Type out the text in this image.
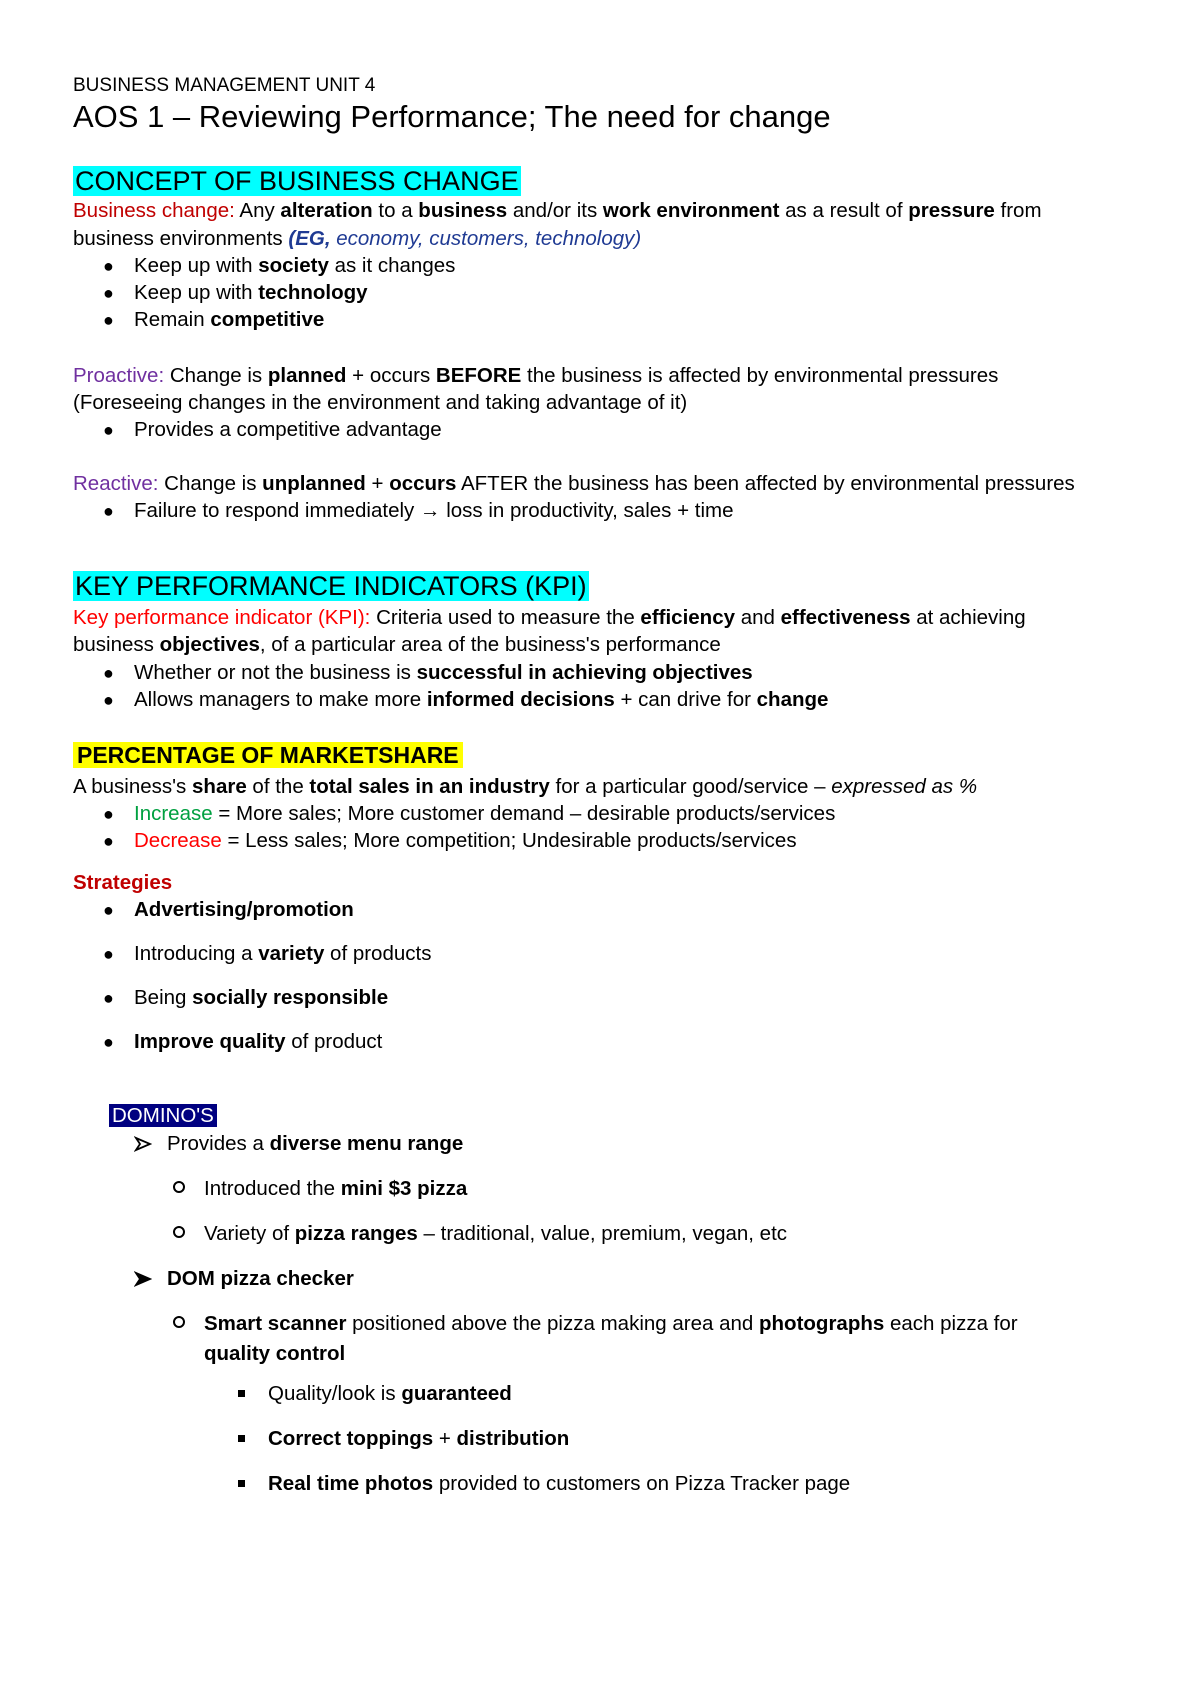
BUSINESS MANAGEMENT UNIT 4
AOS 1 – Reviewing Performance; The need for change
CONCEPT OF BUSINESS CHANGE
Business change: Any alteration to a business and/or its work environment as a result of pressure from
business environments (EG, economy, customers, technology)
● Keep up with society as it changes
● Keep up with technology
● Remain competitive
Proactive: Change is planned + occurs BEFORE the business is affected by environmental pressures
(Foreseeing changes in the environment and taking advantage of it)
● Provides a competitive advantage
Reactive: Change is unplanned + occurs AFTER the business has been affected by environmental pressures
● Failure to respond immediately → loss in productivity, sales + time
KEY PERFORMANCE INDICATORS (KPI)
Key performance indicator (KPI): Criteria used to measure the efficiency and effectiveness at achieving
business objectives, of a particular area of the business's performance
● Whether or not the business is successful in achieving objectives
● Allows managers to make more informed decisions + can drive for change
PERCENTAGE OF MARKETSHARE
A business's share of the total sales in an industry for a particular good/service – expressed as %
● Increase = More sales; More customer demand – desirable products/services
● Decrease = Less sales; More competition; Undesirable products/services
Strategies
● Advertising/promotion
● Introducing a variety of products
● Being socially responsible
● Improve quality of product
DOMINO'S
Provides a diverse menu range
Introduced the mini $3 pizza
Variety of pizza ranges – traditional, value, premium, vegan, etc
DOM pizza checker
Smart scanner positioned above the pizza making area and photographs each pizza for
quality control
Quality/look is guaranteed
Correct toppings + distribution
Real time photos provided to customers on Pizza Tracker page
